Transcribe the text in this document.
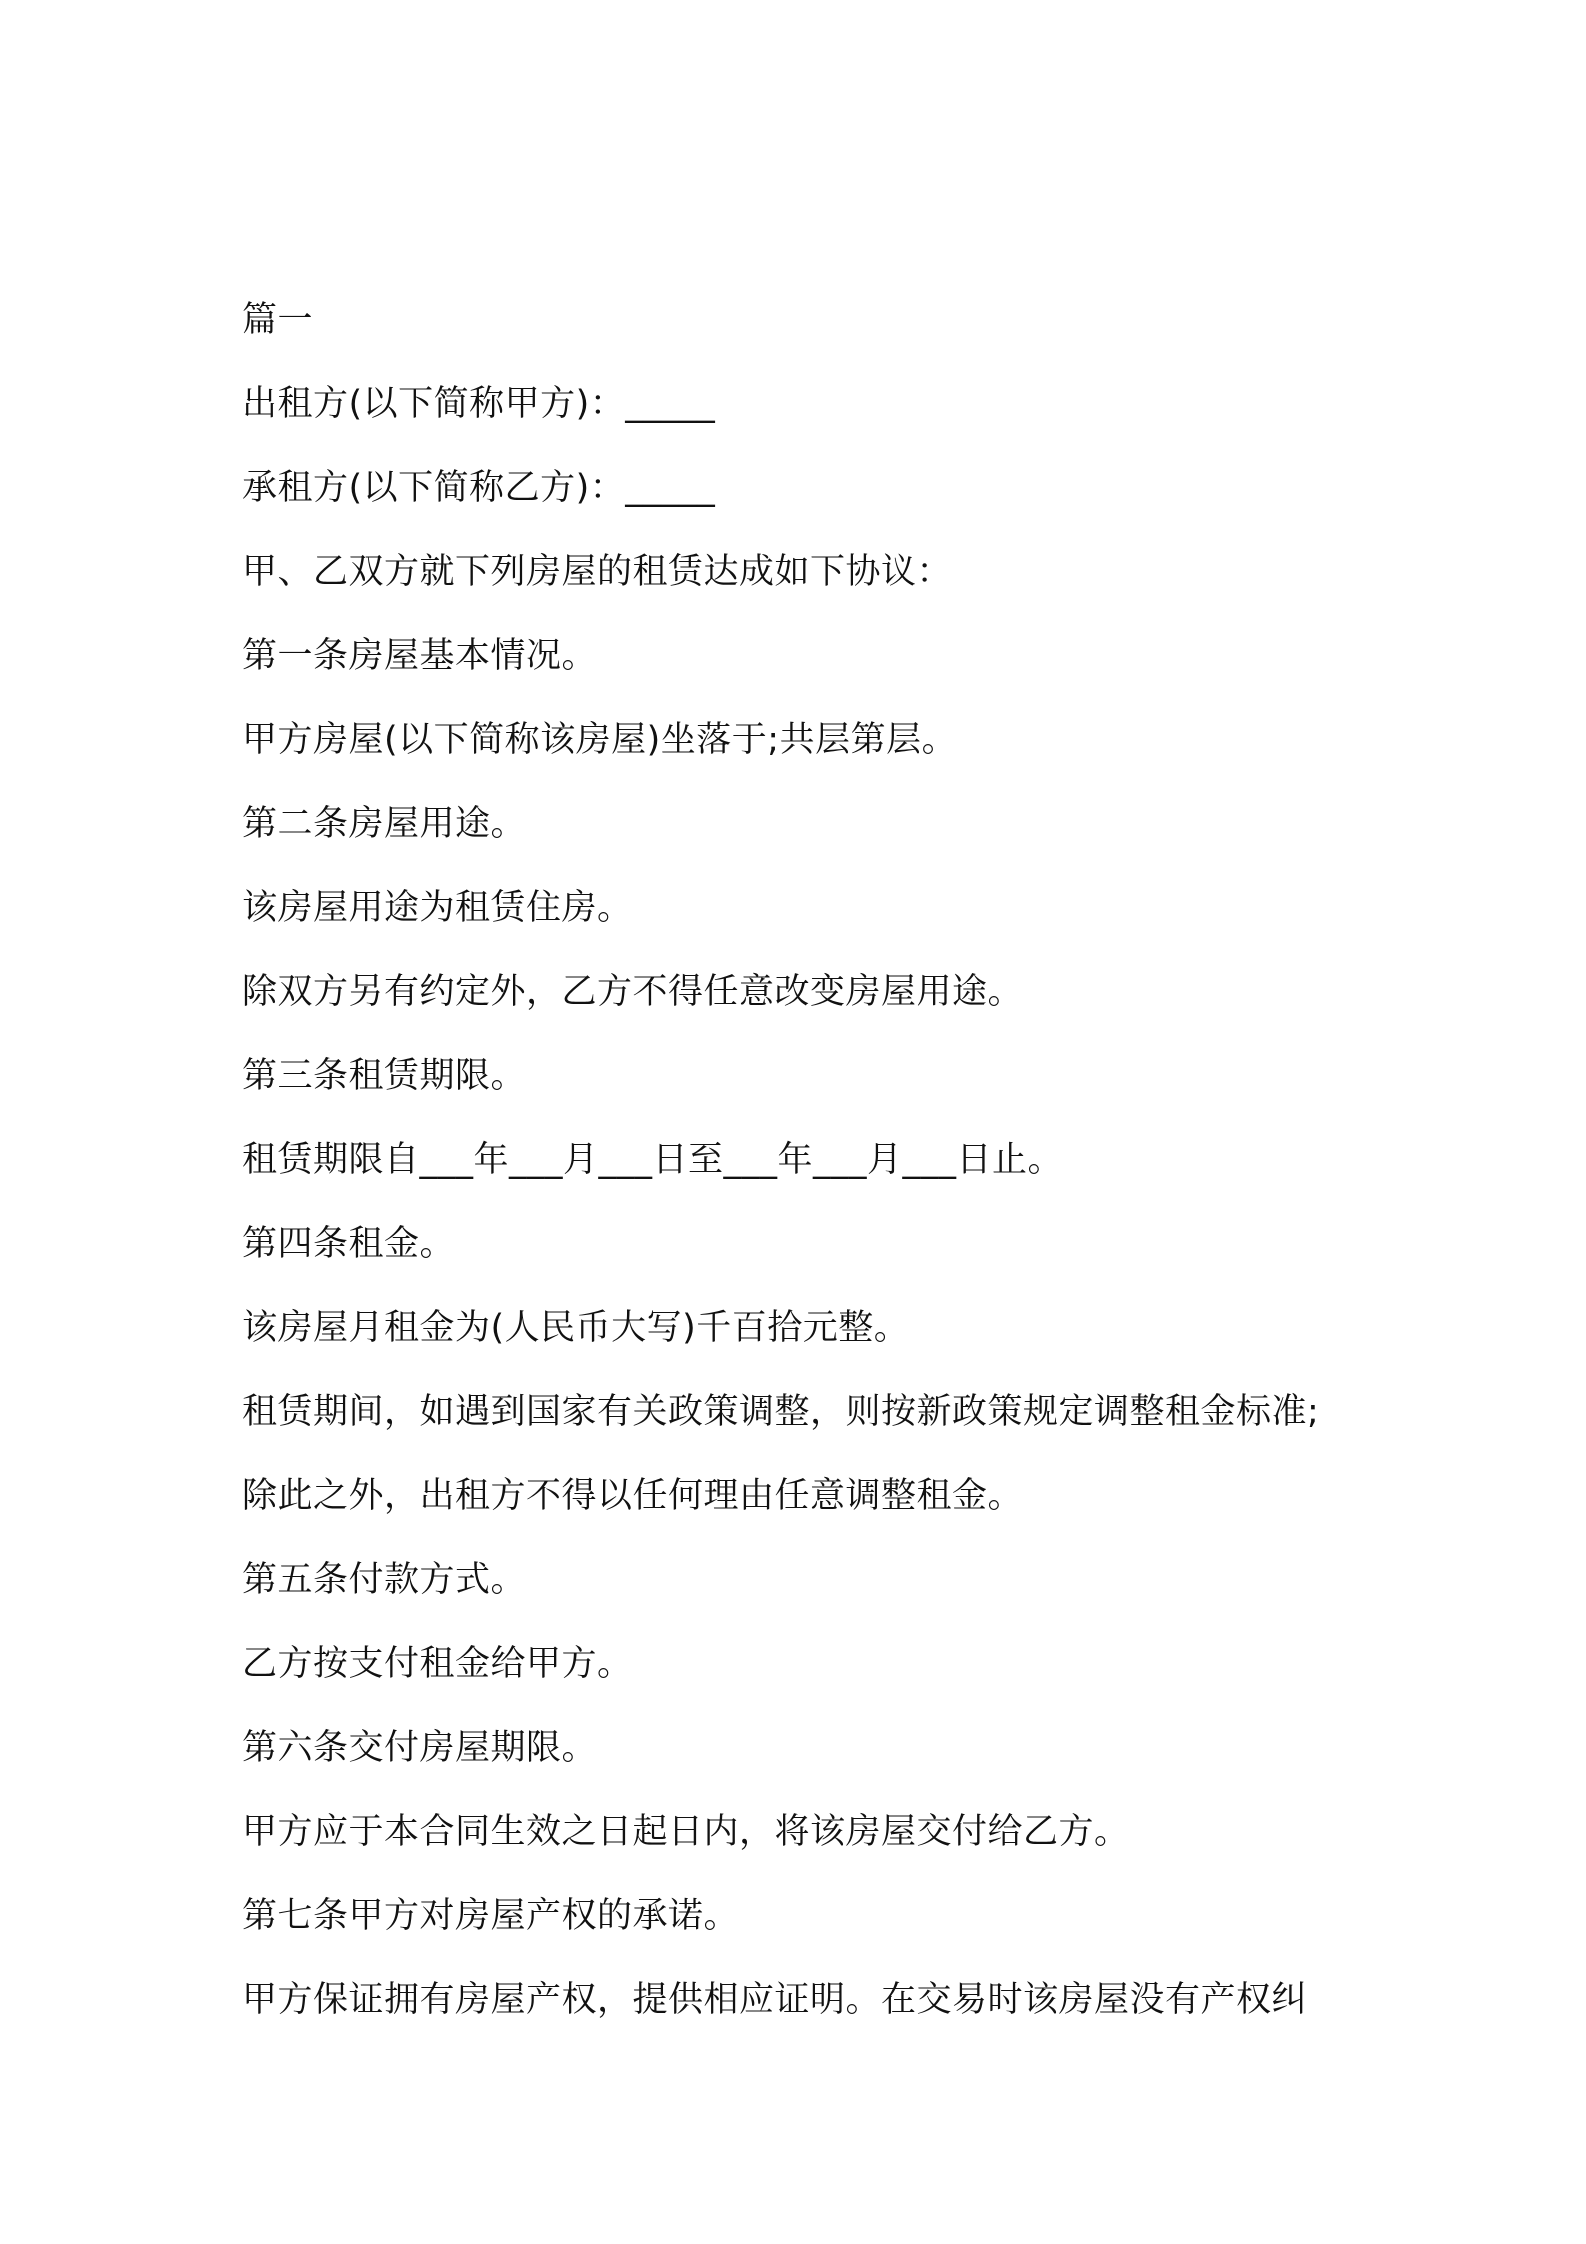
篇一
出租方(以下简称甲方)：_____
承租方(以下简称乙方)：_____
甲、乙双方就下列房屋的租赁达成如下协议：
第一条房屋基本情况。
甲方房屋(以下简称该房屋)坐落于;共层第层。
第二条房屋用途。
该房屋用途为租赁住房。
除双方另有约定外，乙方不得任意改变房屋用途。
第三条租赁期限。
租赁期限自___年___月___日至___年___月___日止。
第四条租金。
该房屋月租金为(人民币大写)千百拾元整。
租赁期间，如遇到国家有关政策调整，则按新政策规定调整租金标准;
除此之外，出租方不得以任何理由任意调整租金。
第五条付款方式。
乙方按支付租金给甲方。
第六条交付房屋期限。
甲方应于本合同生效之日起日内，将该房屋交付给乙方。
第七条甲方对房屋产权的承诺。
甲方保证拥有房屋产权，提供相应证明。在交易时该房屋没有产权纠
